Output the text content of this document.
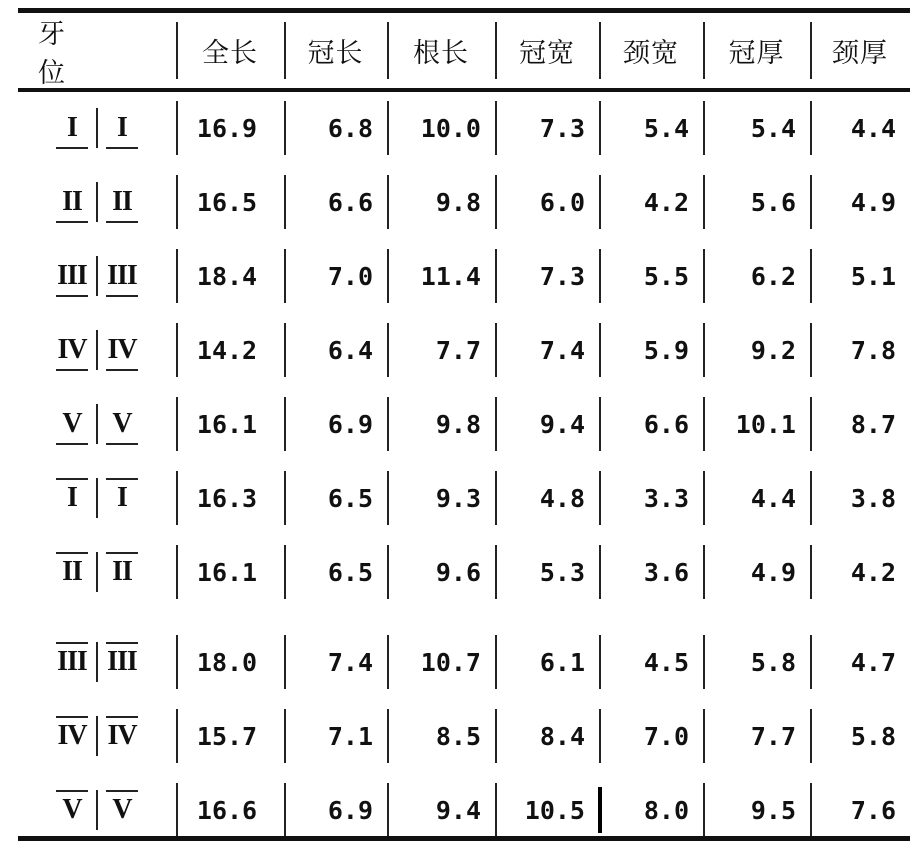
牙　位
全长	冠长	根长	冠宽	颈宽	冠厚	颈厚
I	I	16.9	6.8	10.0	7.3	5.4	5.4	4.4
II	II	16.5	6.6	9.8	6.0	4.2	5.6	4.9
III III	18.4	7.0	11.4	7.3	5.5	6.2	5.1
IV IV	14.2	6.4	7.7	7.4	5.9	9.2	7.8
V	V	16.1	6.9	9.8	9.4	6.6	10.1	8.7
I	I	16.3	6.5	9.3	4.8	3.3	4.4	3.8
II	II	16.1	6.5	9.6	5.3	3.6	4.9	4.2
III III	18.0	7.4	10.7	6.1	4.5	5.8	4.7
IV IV	15.7	7.1	8.5	8.4	7.0	7.7	5.8
V	V	16.6	6.9	9.4	10.5	8.0	9.5	7.6
